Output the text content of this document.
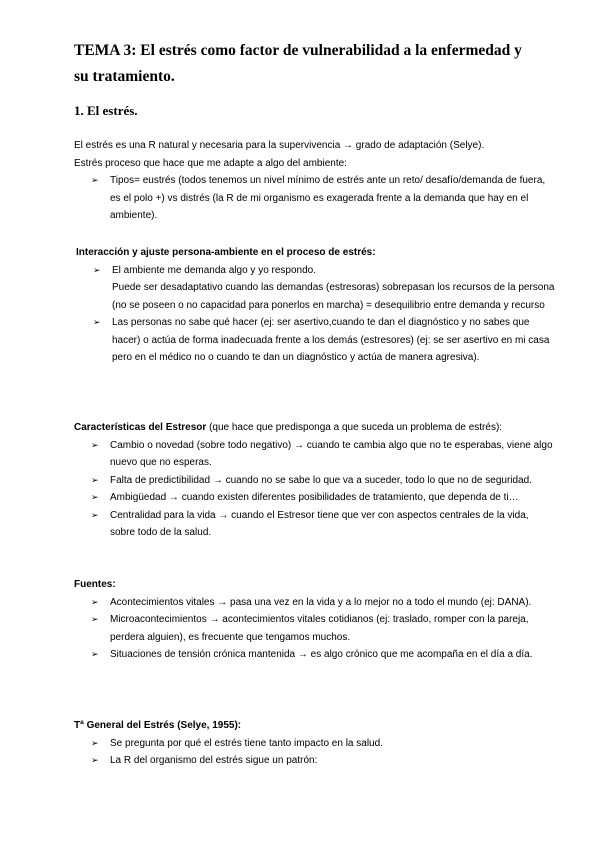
TEMA 3: El estrés como factor de vulnerabilidad a la enfermedad y su tratamiento.
1. El estrés.

El estrés es una R natural y necesaria para la supervivencia → grado de adaptación (Selye).

Estrés proceso que hace que me adapte a algo del ambiente:

➢ Tipos= eustrés (todos tenemos un nivel mínimo de estrés ante un reto/ desafío/demanda de fuera, es el polo +) vs distrés (la R de mi organismo es exagerada frente a la demanda que hay en el ambiente).

Interacción y ajuste persona-ambiente en el proceso de estrés:

➢ El ambiente me demanda algo y yo respondo.

Puede ser desadaptativo cuando las demandas (estresoras) sobrepasan los recursos de la persona (no se poseen o no capacidad para ponerlos en marcha) = desequilibrio entre demanda y recurso

➢ Las personas no sabe qué hacer (ej: ser asertivo,cuando te dan el diagnóstico y no sabes que hacer) o actúa de forma inadecuada frente a los demás (estresores) (ej: se ser asertivo en mi casa pero en el médico no o cuando te dan un diagnóstico y actúa de manera agresiva).

Características del Estresor (que hace que predisponga a que suceda un problema de estrés):

➢ Cambio o novedad (sobre todo negativo) → cuando te cambia algo que no te esperabas, viene algo nuevo que no esperas.
➢ Falta de predictibilidad → cuando no se sabe lo que va a suceder, todo lo que no de seguridad.
➢ Ambigüedad → cuando existen diferentes posibilidades de tratamiento, que dependa de ti…
➢ Centralidad para la vida → cuando el Estresor tiene que ver con aspectos centrales de la vida, sobre todo de la salud.

Fuentes:

➢ Acontecimientos vitales → pasa una vez en la vida y a lo mejor no a todo el mundo (ej: DANA).
➢ Microacontecimientos → acontecimientos vitales cotidianos (ej: traslado, romper con la pareja, perdera alguien), es frecuente que tengamos muchos.
➢ Situaciones de tensión crónica mantenida → es algo crónico que me acompaña en el día a día.

Tª General del Estrés (Selye, 1955):

➢ Se pregunta por qué el estrés tiene tanto impacto en la salud.
➢ La R del organismo del estrés sigue un patrón:
